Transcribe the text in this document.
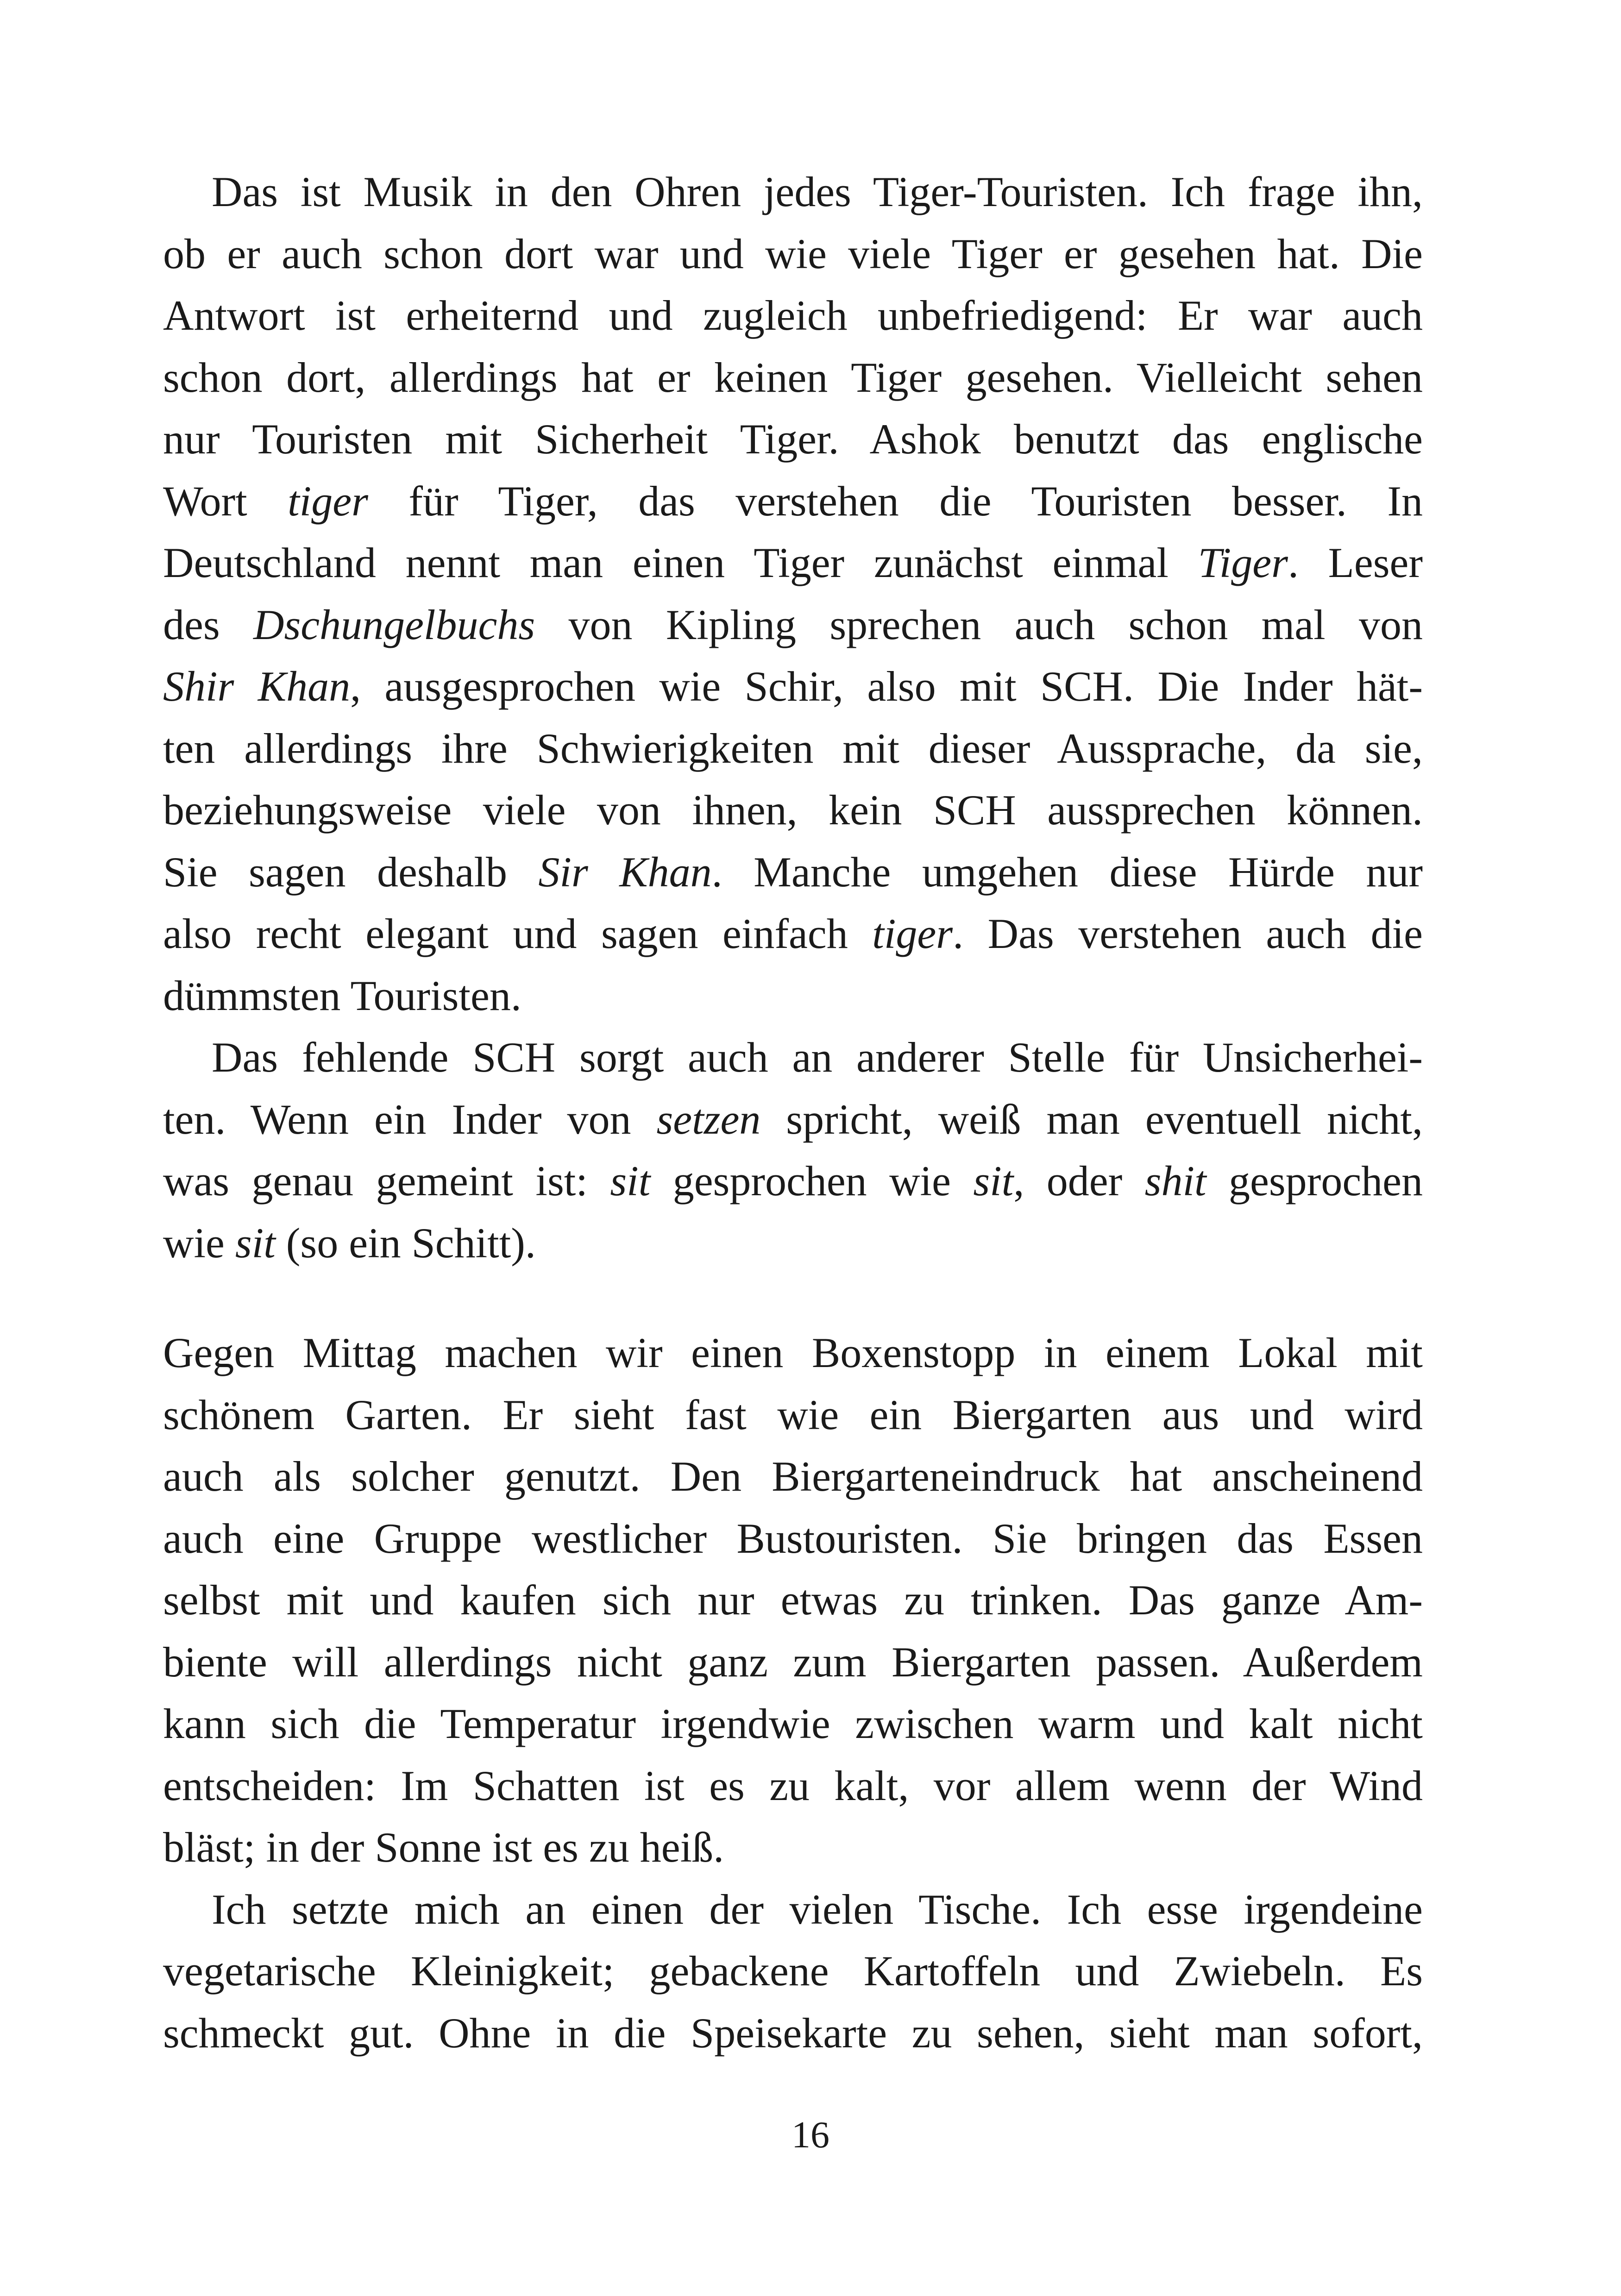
Das ist Musik in den Ohren jedes Tiger-Touristen. Ich frage ihn,
ob er auch schon dort war und wie viele Tiger er gesehen hat. Die
Antwort ist erheiternd und zugleich unbefriedigend: Er war auch
schon dort, allerdings hat er keinen Tiger gesehen. Vielleicht sehen
nur Touristen mit Sicherheit Tiger. Ashok benutzt das englische
Wort tiger für Tiger, das verstehen die Touristen besser. In
Deutschland nennt man einen Tiger zunächst einmal Tiger. Leser
des Dschungelbuchs von Kipling sprechen auch schon mal von
Shir Khan, ausgesprochen wie Schir, also mit SCH. Die Inder hät-
ten allerdings ihre Schwierigkeiten mit dieser Aussprache, da sie,
beziehungsweise viele von ihnen, kein SCH aussprechen können.
Sie sagen deshalb Sir Khan. Manche umgehen diese Hürde nur
also recht elegant und sagen einfach tiger. Das verstehen auch die
dümmsten Touristen.
Das fehlende SCH sorgt auch an anderer Stelle für Unsicherhei-
ten. Wenn ein Inder von setzen spricht, weiß man eventuell nicht,
was genau gemeint ist: sit gesprochen wie sit, oder shit gesprochen
wie sit (so ein Schitt).
Gegen Mittag machen wir einen Boxenstopp in einem Lokal mit
schönem Garten. Er sieht fast wie ein Biergarten aus und wird
auch als solcher genutzt. Den Biergarteneindruck hat anscheinend
auch eine Gruppe westlicher Bustouristen. Sie bringen das Essen
selbst mit und kaufen sich nur etwas zu trinken. Das ganze Am-
biente will allerdings nicht ganz zum Biergarten passen. Außerdem
kann sich die Temperatur irgendwie zwischen warm und kalt nicht
entscheiden: Im Schatten ist es zu kalt, vor allem wenn der Wind
bläst; in der Sonne ist es zu heiß.
Ich setzte mich an einen der vielen Tische. Ich esse irgendeine
vegetarische Kleinigkeit; gebackene Kartoffeln und Zwiebeln. Es
schmeckt gut. Ohne in die Speisekarte zu sehen, sieht man sofort,
16
